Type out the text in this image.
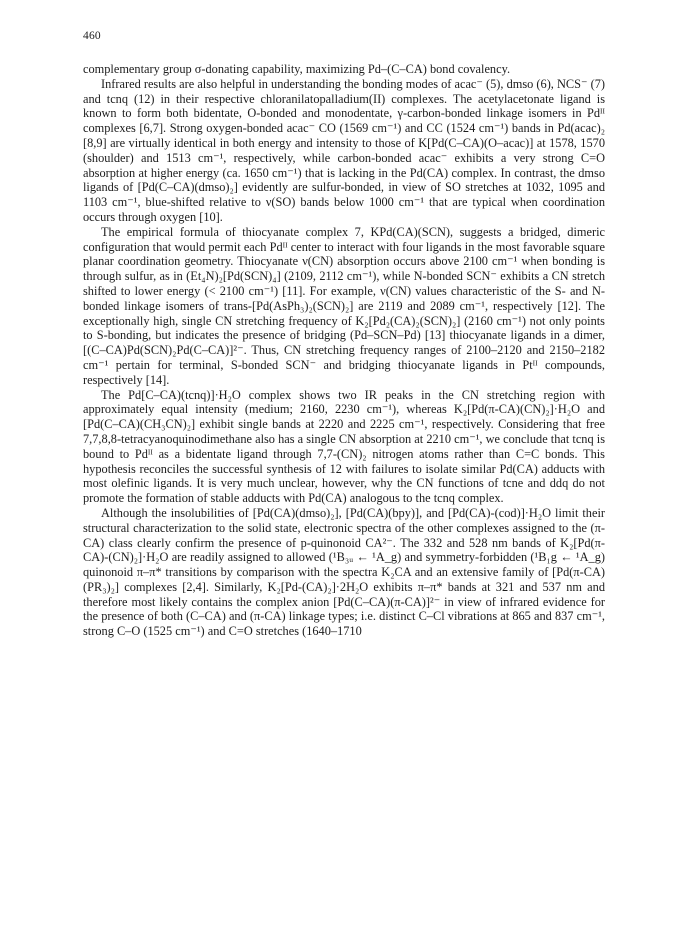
460

complementary group σ-donating capability, maximizing Pd–(C–CA) bond covalency.

Infrared results are also helpful in understanding the bonding modes of acac⁻ (5), dmso (6), NCS⁻ (7) and tcnq (12) in their respective chloranilatopalladium(II) complexes. The acetylacetonate ligand is known to form both bidentate, O-bonded and monodentate, γ-carbon-bonded linkage isomers in Pdᴵᴵ complexes [6,7]. Strong oxygen-bonded acac⁻ CO (1569 cm⁻¹) and CC (1524 cm⁻¹) bands in Pd(acac)₂ [8,9] are virtually identical in both energy and intensity to those of K[Pd(C–CA)(O–acac)] at 1578, 1570 (shoulder) and 1513 cm⁻¹, respectively, while carbon-bonded acac⁻ exhibits a very strong C=O absorption at higher energy (ca. 1650 cm⁻¹) that is lacking in the Pd(CA) complex. In contrast, the dmso ligands of [Pd(C–CA)(dmso)₂] evidently are sulfur-bonded, in view of SO stretches at 1032, 1095 and 1103 cm⁻¹, blue-shifted relative to ν(SO) bands below 1000 cm⁻¹ that are typical when coordination occurs through oxygen [10].

The empirical formula of thiocyanate complex 7, KPd(CA)(SCN), suggests a bridged, dimeric configuration that would permit each Pdᴵᴵ center to interact with four ligands in the most favorable square planar coordination geometry. Thiocyanate ν(CN) absorption occurs above 2100 cm⁻¹ when bonding is through sulfur, as in (Et₄N)₂[Pd(SCN)₄] (2109, 2112 cm⁻¹), while N-bonded SCN⁻ exhibits a CN stretch shifted to lower energy (< 2100 cm⁻¹) [11]. For example, ν(CN) values characteristic of the S- and N-bonded linkage isomers of trans-[Pd(AsPh₃)₂(SCN)₂] are 2119 and 2089 cm⁻¹, respectively [12]. The exceptionally high, single CN stretching frequency of K₂[Pd₂(CA)₂(SCN)₂] (2160 cm⁻¹) not only points to S-bonding, but indicates the presence of bridging (Pd–SCN–Pd) [13] thiocyanate ligands in a dimer, [(C–CA)Pd(SCN)₂Pd(C–CA)]²⁻. Thus, CN stretching frequency ranges of 2100–2120 and 2150–2182 cm⁻¹ pertain for terminal, S-bonded SCN⁻ and bridging thiocyanate ligands in Ptᴵᴵ compounds, respectively [14].

The Pd[C–CA)(tcnq)]·H₂O complex shows two IR peaks in the CN stretching region with approximately equal intensity (medium; 2160, 2230 cm⁻¹), whereas K₂[Pd(π-CA)(CN)₂]·H₂O and [Pd(C–CA)(CH₃CN)₂] exhibit single bands at 2220 and 2225 cm⁻¹, respectively. Considering that free 7,7,8,8-tetracyanoquinodimethane also has a single CN absorption at 2210 cm⁻¹, we conclude that tcnq is bound to Pdᴵᴵ as a bidentate ligand through 7,7-(CN)₂ nitrogen atoms rather than C=C bonds. This hypothesis reconciles the successful synthesis of 12 with failures to isolate similar Pd(CA) adducts with most olefinic ligands. It is very much unclear, however, why the CN functions of tcne and ddq do not promote the formation of stable adducts with Pd(CA) analogous to the tcnq complex.

Although the insolubilities of [Pd(CA)(dmso)₂], [Pd(CA)(bpy)], and [Pd(CA)-(cod)]·H₂O limit their structural characterization to the solid state, electronic spectra of the other complexes assigned to the (π-CA) class clearly confirm the presence of p-quinonoid CA²⁻. The 332 and 528 nm bands of K₂[Pd(π-CA)-(CN)₂]·H₂O are readily assigned to allowed (¹B₃ᵤ ← ¹A_g) and symmetry-forbidden (¹B₁g ← ¹A_g) quinonoid π–π* transitions by comparison with the spectra K₂CA and an extensive family of [Pd(π-CA)(PR₃)₂] complexes [2,4]. Similarly, K₂[Pd-(CA)₂]·2H₂O exhibits π–π* bands at 321 and 537 nm and therefore most likely contains the complex anion [Pd(C–CA)(π-CA)]²⁻ in view of infrared evidence for the presence of both (C–CA) and (π-CA) linkage types; i.e. distinct C–Cl vibrations at 865 and 837 cm⁻¹, strong C–O (1525 cm⁻¹) and C=O stretches (1640–1710
